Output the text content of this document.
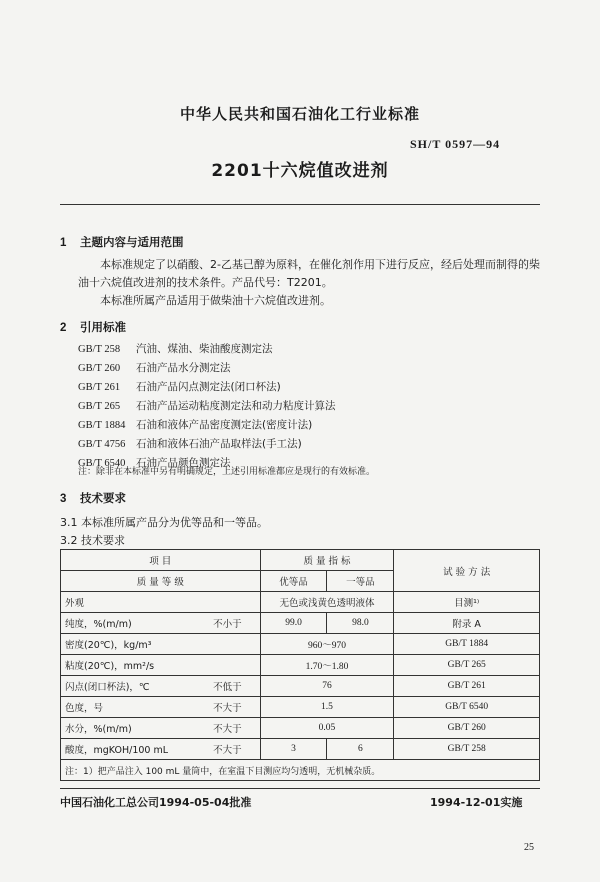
中华人民共和国石油化工行业标准
SH/T 0597—94
2201十六烷值改进剂
1 主题内容与适用范围
本标准规定了以硝酸、2-乙基己醇为原料，在催化剂作用下进行反应，经后处理而制得的柴油十六烷值改进剂的技术条件。产品代号：T2201。
本标准所属产品适用于做柴油十六烷值改进剂。
2 引用标准
GB/T 258 汽油、煤油、柴油酸度测定法
GB/T 260 石油产品水分测定法
GB/T 261 石油产品闪点测定法(闭口杯法)
GB/T 265 石油产品运动粘度测定法和动力粘度计算法
GB/T 1884 石油和液体产品密度测定法(密度计法)
GB/T 4756 石油和液体石油产品取样法(手工法)
GB/T 6540 石油产品颜色测定法
注：除非在本标准中另有明确规定，上述引用标准都应是现行的有效标准。
3 技术要求
3.1 本标准所属产品分为优等品和一等品。
3.2 技术要求
项 目	质 量 指 标		试 验 方 法
质 量 等 级	优等品	一等品	
外观	无色或浅黄色透明液体		目测¹⁾
纯度，%(m/m) 不小于	99.0	98.0	附录 A
密度(20℃)，kg/m³	960～970		GB/T 1884
粘度(20℃)，mm²/s	1.70～1.80		GB/T 265
闪点(闭口杯法)，℃ 不低于	76		GB/T 261
色度，号 不大于	1.5		GB/T 6540
水分，%(m/m) 不大于	0.05		GB/T 260
酸度，mgKOH/100 mL 不大于	3	6	GB/T 258
注：1）把产品注入 100 mL 量筒中，在室温下目测应均匀透明，无机械杂质。			
中国石油化工总公司1994-05-04批准	1994-12-01实施
25
